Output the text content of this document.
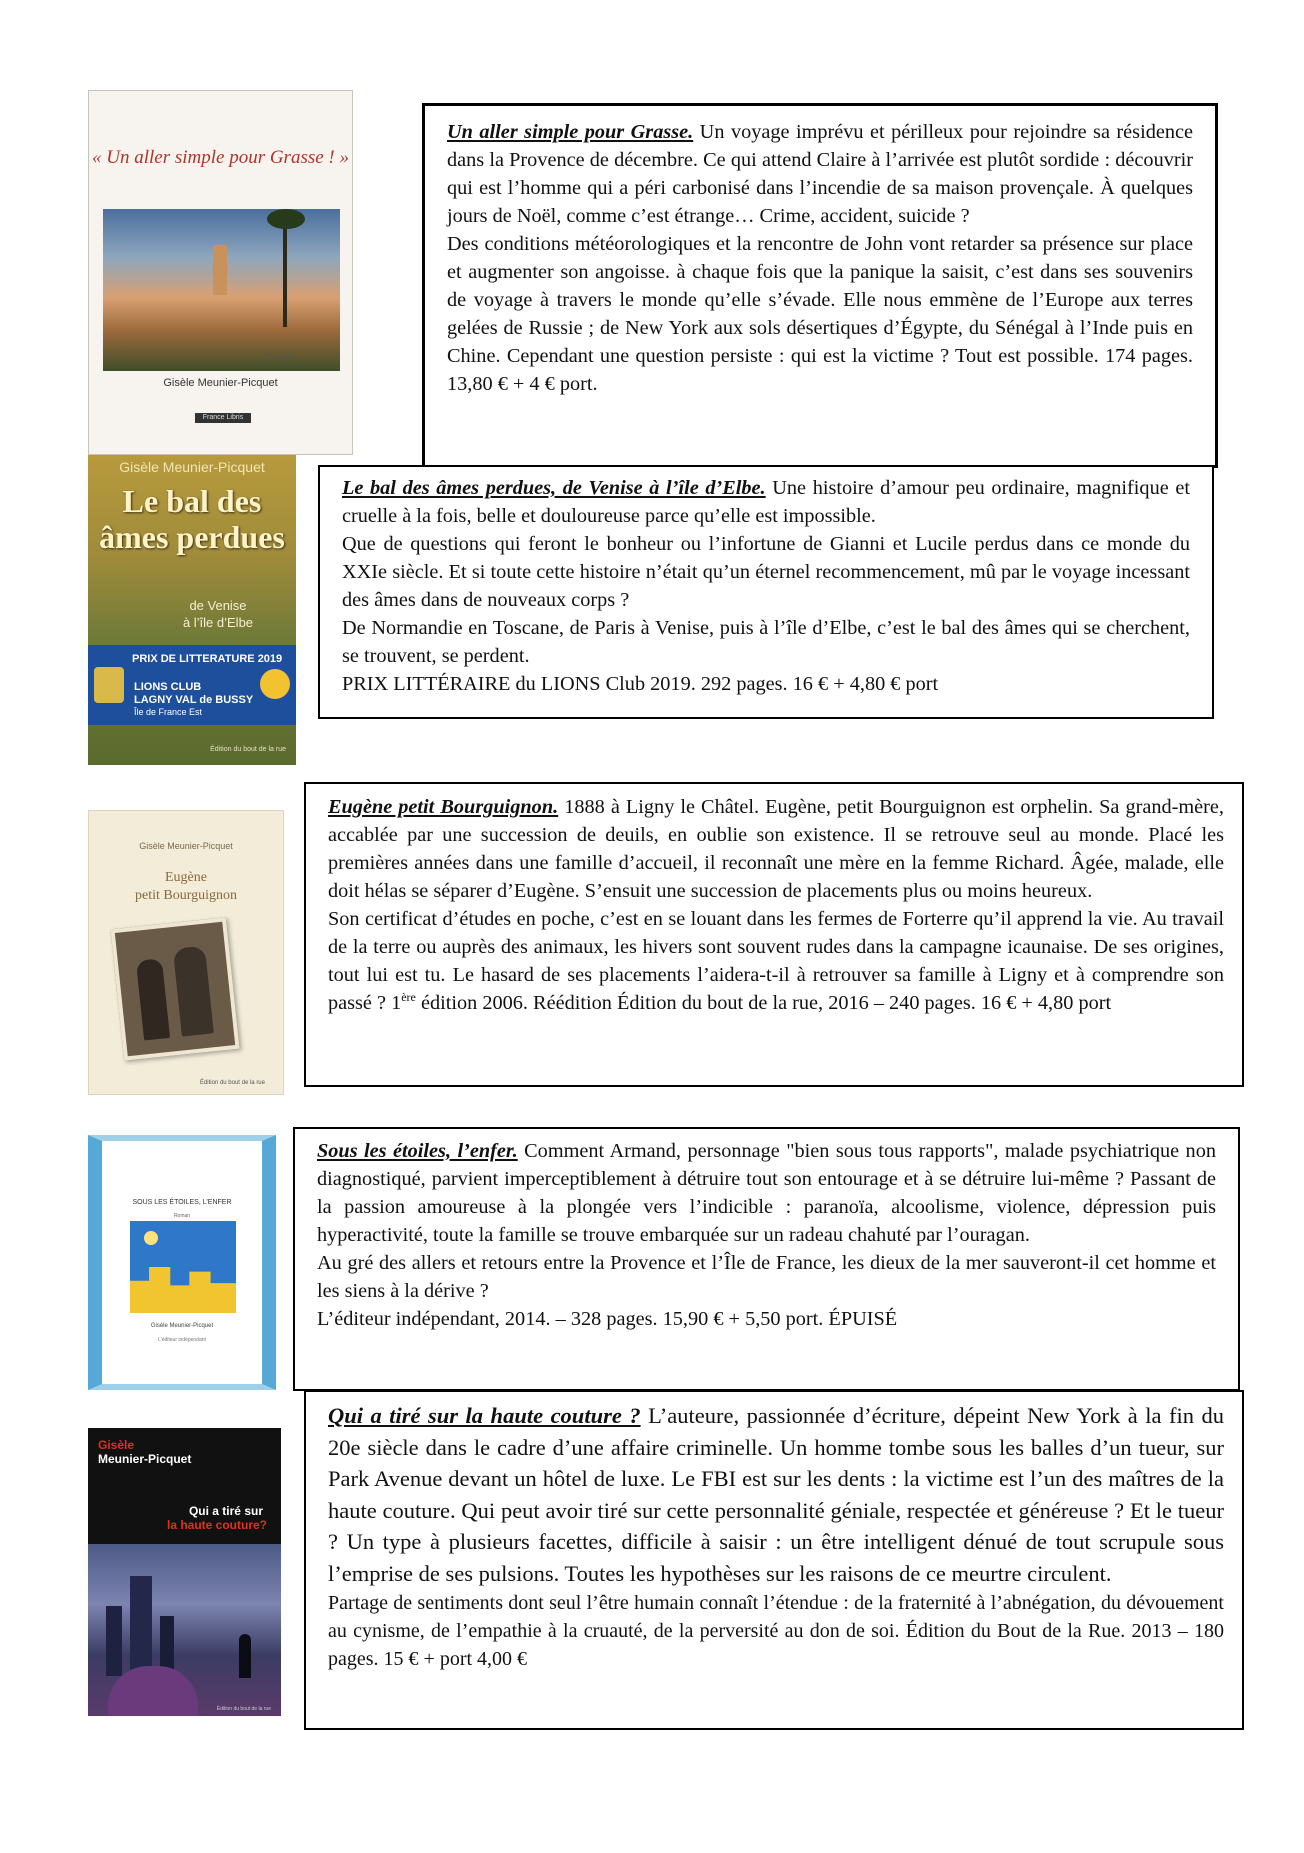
« Un aller simple pour Grasse ! »
Roman
Gisèle Meunier-Picquet
France Libris

Un aller simple pour Grasse. Un voyage imprévu et périlleux pour rejoindre sa résidence dans la Provence de décembre. Ce qui attend Claire à l’arrivée est plutôt sordide : découvrir qui est l’homme qui a péri carbonisé dans l’incendie de sa maison provençale. À quelques jours de Noël, comme c’est étrange… Crime, accident, suicide ?

Des conditions météorologiques et la rencontre de John vont retarder sa présence sur place et augmenter son angoisse. à chaque fois que la panique la saisit, c’est dans ses souvenirs de voyage à travers le monde qu’elle s’évade. Elle nous emmène de l’Europe aux terres gelées de Russie ; de New York aux sols désertiques d’Égypte, du Sénégal à l’Inde puis en Chine. Cependant une question persiste : qui est la victime ? Tout est possible. 174 pages. 13,80 € + 4 € port.

Gisèle Meunier-Picquet
Le bal des
âmes perdues
de Venise
à l’île d’Elbe
PRIX DE LITTERATURE 2019
LIONS CLUB
LAGNY VAL de BUSSY
Île de France Est
Édition du bout de la rue

Le bal des âmes perdues, de Venise à l’île d’Elbe. Une histoire d’amour peu ordinaire, magnifique et cruelle à la fois, belle et douloureuse parce qu’elle est impossible.

Que de questions qui feront le bonheur ou l’infortune de Gianni et Lucile perdus dans ce monde du XXIe siècle. Et si toute cette histoire n’était qu’un éternel recommencement, mû par le voyage incessant des âmes dans de nouveaux corps ?

De Normandie en Toscane, de Paris à Venise, puis à l’île d’Elbe, c’est le bal des âmes qui se cherchent, se trouvent, se perdent.

PRIX LITTÉRAIRE du LIONS Club 2019. 292 pages. 16 € + 4,80 € port

Gisèle Meunier-Picquet
Eugène
petit Bourguignon
Édition du bout de la rue

Eugène petit Bourguignon. 1888 à Ligny le Châtel. Eugène, petit Bourguignon est orphelin. Sa grand-mère, accablée par une succession de deuils, en oublie son existence. Il se retrouve seul au monde. Placé les premières années dans une famille d’accueil, il reconnaît une mère en la femme Richard. Âgée, malade, elle doit hélas se séparer d’Eugène. S’ensuit une succession de placements plus ou moins heureux.

Son certificat d’études en poche, c’est en se louant dans les fermes de Forterre qu’il apprend la vie. Au travail de la terre ou auprès des animaux, les hivers sont souvent rudes dans la campagne icaunaise. De ses origines, tout lui est tu. Le hasard de ses placements l’aidera-t-il à retrouver sa famille à Ligny et à comprendre son passé ? 1ère édition 2006. Réédition Édition du bout de la rue, 2016 – 240 pages. 16 € + 4,80 port

SOUS LES ÉTOILES, L’ENFER
Roman
Gisèle Meunier-Picquet
L’éditeur indépendant

Sous les étoiles, l’enfer. Comment Armand, personnage "bien sous tous rapports", malade psychiatrique non diagnostiqué, parvient imperceptiblement à détruire tout son entourage et à se détruire lui-même ? Passant de la passion amoureuse à la plongée vers l’indicible : paranoïa, alcoolisme, violence, dépression puis hyperactivité, toute la famille se trouve embarquée sur un radeau chahuté par l’ouragan.

Au gré des allers et retours entre la Provence et l’Île de France, les dieux de la mer sauveront-il cet homme et les siens à la dérive ?

L’éditeur indépendant, 2014. – 328 pages. 15,90 € + 5,50 port. ÉPUISÉ

Gisèle
Meunier-Picquet
Qui a tiré sur
la haute couture?
Édition du bout de la rue

Qui a tiré sur la haute couture ? L’auteure, passionnée d’écriture, dépeint New York à la fin du 20e siècle dans le cadre d’une affaire criminelle. Un homme tombe sous les balles d’un tueur, sur Park Avenue devant un hôtel de luxe. Le FBI est sur les dents : la victime est l’un des maîtres de la haute couture. Qui peut avoir tiré sur cette personnalité géniale, respectée et généreuse ? Et le tueur ? Un type à plusieurs facettes, difficile à saisir : un être intelligent dénué de tout scrupule sous l’emprise de ses pulsions. Toutes les hypothèses sur les raisons de ce meurtre circulent.

Partage de sentiments dont seul l’être humain connaît l’étendue : de la fraternité à l’abnégation, du dévouement au cynisme, de l’empathie à la cruauté, de la perversité au don de soi. Édition du Bout de la Rue. 2013 – 180 pages. 15 € + port 4,00 €
